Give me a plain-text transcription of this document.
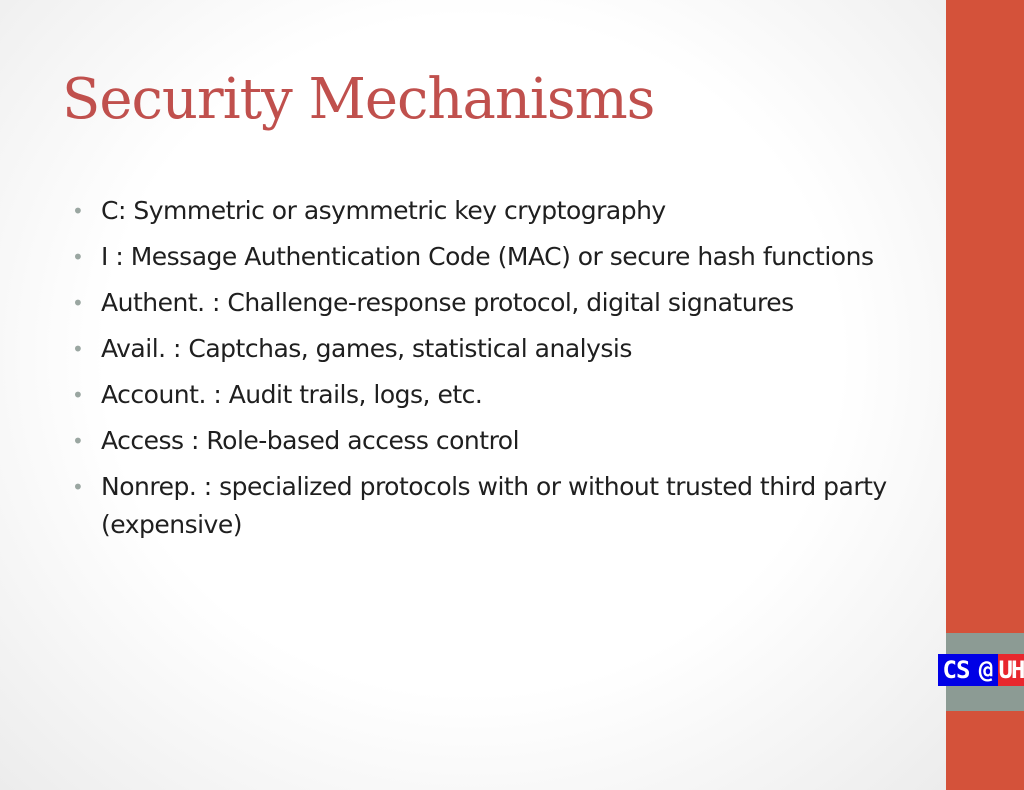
Security Mechanisms
• C: Symmetric or asymmetric key cryptography
• I : Message Authentication Code (MAC) or secure hash functions
• Authent. : Challenge-response protocol, digital signatures
• Avail. : Captchas, games, statistical analysis
• Account. : Audit trails, logs, etc.
• Access : Role-based access control
• Nonrep. : specialized protocols with or without trusted third party (expensive)
CS @ UH
